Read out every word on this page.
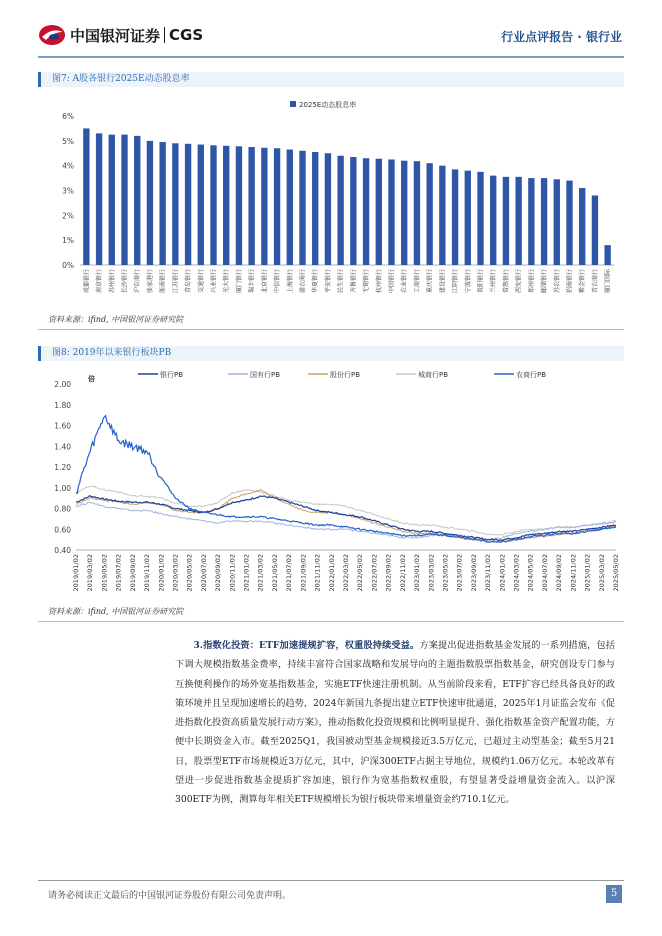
中国银河证券 CGS	行业点评报告 · 银行业
图7: A股各银行2025E动态股息率
2025E动态股息率
0%
1%
2%
3%
4%
5%
6%
成都银行 南京银行 苏州银行 长沙银行 沪农商行 张家港行 浙商银行 江苏银行 青岛银行 交通银行 兴业银行 光大银行 厦门银行 瑞丰银行 北京银行 中信银行 上海银行 渝农商行 华夏银行 平安银行 民生银行 齐鲁银行 无锡银行 杭州银行 中国银行 农业银行 工商银行 重庆银行 建设银行 江阴银行 宁波银行 贵阳银行 兰州银行 常熟银行 西安银行 郑州银行 邮储银行 苏农银行 招商银行 紫金银行 青农商行 厦门国际
资料来源：ifind, 中国银河证券研究院
图8: 2019年以来银行板块PB
银行PB	国有行PB	股份行PB	城商行PB	农商行PB
倍
2.00
1.80
1.60
1.40
1.20
1.00
0.80
0.60
0.40
2019/01/02 2019/03/02 2019/05/02 2019/07/02 2019/09/02 2019/11/02 2020/01/02 2020/03/02 2020/05/02 2020/07/02 2020/09/02 2020/11/02 2021/01/02 2021/03/02 2021/05/02 2021/07/02 2021/09/02 2021/11/02 2022/01/02 2022/03/02 2022/05/02 2022/07/02 2022/09/02 2022/11/02 2023/01/02 2023/03/02 2023/05/02 2023/07/02 2023/09/02 2023/11/02 2024/01/02 2024/03/02 2024/05/02 2024/07/02 2024/09/02 2024/11/02 2025/01/02 2025/03/02 2025/05/02
资料来源：ifind, 中国银河证券研究院
3.指数化投资：ETF加速提规扩容，权重股持续受益。方案提出促进指数基金发展的一系列措施，包括下调大规模指数基金费率，持续丰富符合国家战略和发展导向的主题指数股票指数基金，研究创设专门参与互换便利操作的场外宽基指数基金，实施ETF快速注册机制。从当前阶段来看，ETF扩容已经具备良好的政策环境并且呈现加速增长的趋势，2024年新国九条提出建立ETF快速审批通道，2025年1月证监会发布《促进指数化投资高质量发展行动方案》，推动指数化投资规模和比例明显提升、强化指数基金资产配置功能，方便中长期资金入市。截至2025Q1，我国被动型基金规模接近3.5万亿元，已超过主动型基金；截至5月21日，股票型ETF市场规模近3万亿元，其中，沪深300ETF占据主导地位，规模约1.06万亿元。本轮改革有望进一步促进指数基金提质扩容加速，银行作为宽基指数权重股，有望显著受益增量资金流入。以沪深300ETF为例，测算每年相关ETF规模增长为银行板块带来增量资金约710.1亿元。
请务必阅读正文最后的中国银河证券股份有限公司免责声明。	5
